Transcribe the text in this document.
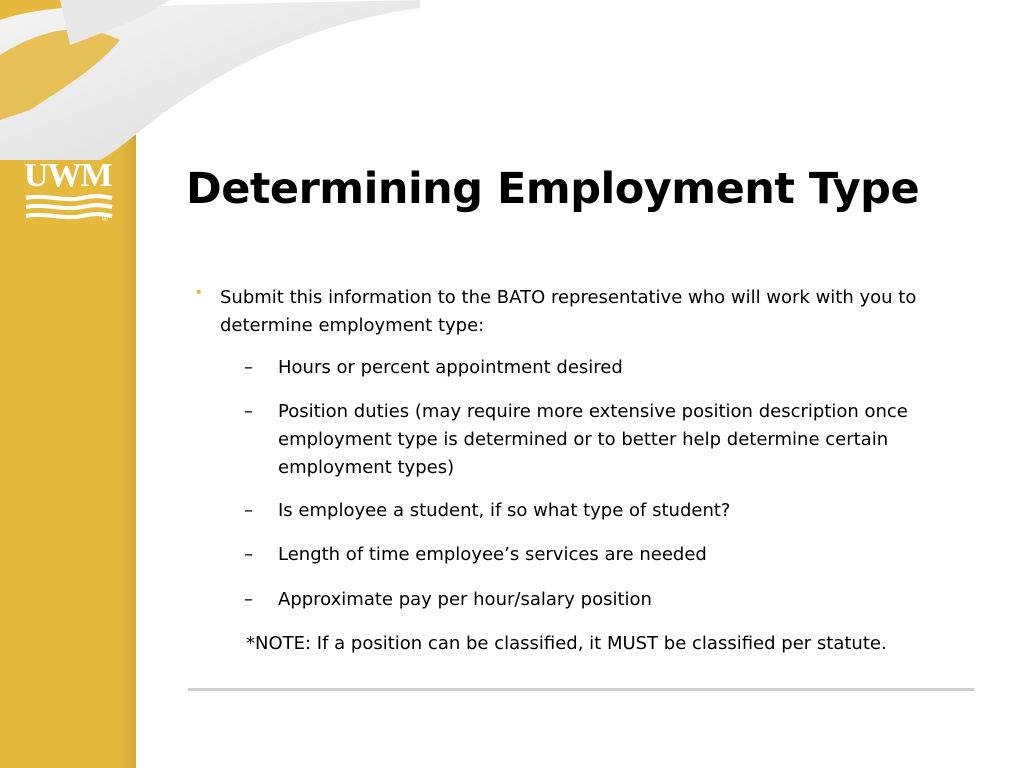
UWM
®
Determining Employment Type
• Submit this information to the BATO representative who will work with you to determine employment type:
– Hours or percent appointment desired
– Position duties (may require more extensive position description once employment type is determined or to better help determine certain employment types)
– Is employee a student, if so what type of student?
– Length of time employee’s services are needed
– Approximate pay per hour/salary position
*NOTE: If a position can be classified, it MUST be classified per statute.
